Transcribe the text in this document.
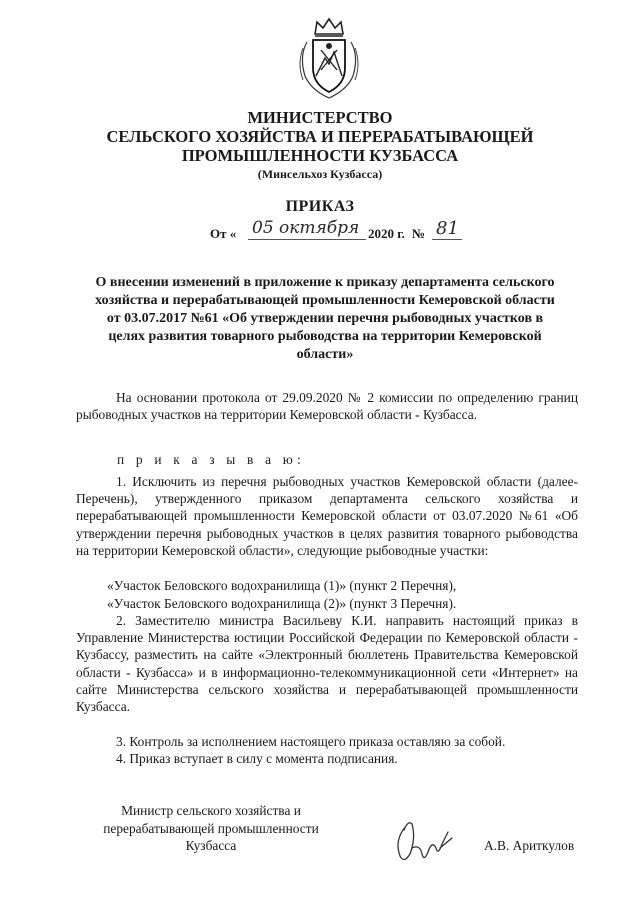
МИНИСТЕРСТВО
СЕЛЬСКОГО ХОЗЯЙСТВА И ПЕРЕРАБАТЫВАЮЩЕЙ
ПРОМЫШЛЕННОСТИ КУЗБАССА
(Минсельхоз Кузбасса)
ПРИКАЗ
От « 05 октября 2020 г. № 81
О внесении изменений в приложение к приказу департамента сельского
хозяйства и перерабатывающей промышленности Кемеровской области
от 03.07.2017 №61 «Об утверждении перечня рыбоводных участков в
целях развития товарного рыбоводства на территории Кемеровской
области»
На основании протокола от 29.09.2020 № 2 комиссии по определению границ рыбоводных участков на территории Кемеровской области - Кузбасса.
п р и к а з ы в а ю:
1. Исключить из перечня рыбоводных участков Кемеровской области (далее-Перечень), утвержденного приказом департамента сельского хозяйства и перерабатывающей промышленности Кемеровской области от 03.07.2020 №61 «Об утверждении перечня рыбоводных участков в целях развития товарного рыбоводства на территории Кемеровской области», следующие рыбоводные участки:
«Участок Беловского водохранилища (1)» (пункт 2 Перечня),
«Участок Беловского водохранилища (2)» (пункт 3 Перечня).
2. Заместителю министра Васильеву К.И. направить настоящий приказ в Управление Министерства юстиции Российской Федерации по Кемеровской области - Кузбассу, разместить на сайте «Электронный бюллетень Правительства Кемеровской области - Кузбасса» и в информационно-телекоммуникационной сети «Интернет» на сайте Министерства сельского хозяйства и перерабатывающей промышленности Кузбасса.
3. Контроль за исполнением настоящего приказа оставляю за собой.
4. Приказ вступает в силу с момента подписания.
Министр сельского хозяйства и
перерабатывающей промышленности
Кузбасса	А.В. Ариткулов
